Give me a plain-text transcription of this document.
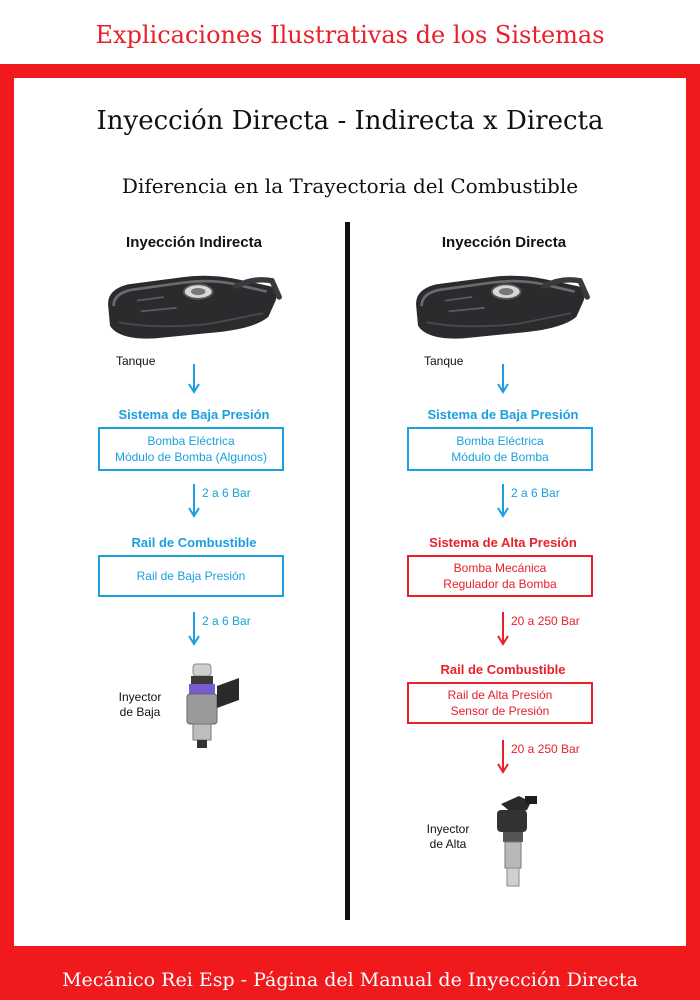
Explicaciones Ilustrativas de los Sistemas
Inyección Directa - Indirecta x Directa
Diferencia en la Trayectoria del Combustible
Inyección Indirecta
Tanque
Sistema de Baja Presión
Bomba Eléctrica
Módulo de Bomba (Algunos)
2 a 6 Bar
Rail de Combustible
Rail de Baja Presión
2 a 6 Bar
Inyector
de Baja
Inyección Directa
Tanque
Sistema de Baja Presión
Bomba Eléctrica
Módulo de Bomba
2 a 6 Bar
Sistema de Alta Presión
Bomba Mecánica
Regulador da Bomba
20 a 250 Bar
Rail de Combustible
Rail de Alta Presión
Sensor de Presión
20 a 250 Bar
Inyector
de Alta
Mecánico Rei Esp - Página del Manual de Inyección Directa
